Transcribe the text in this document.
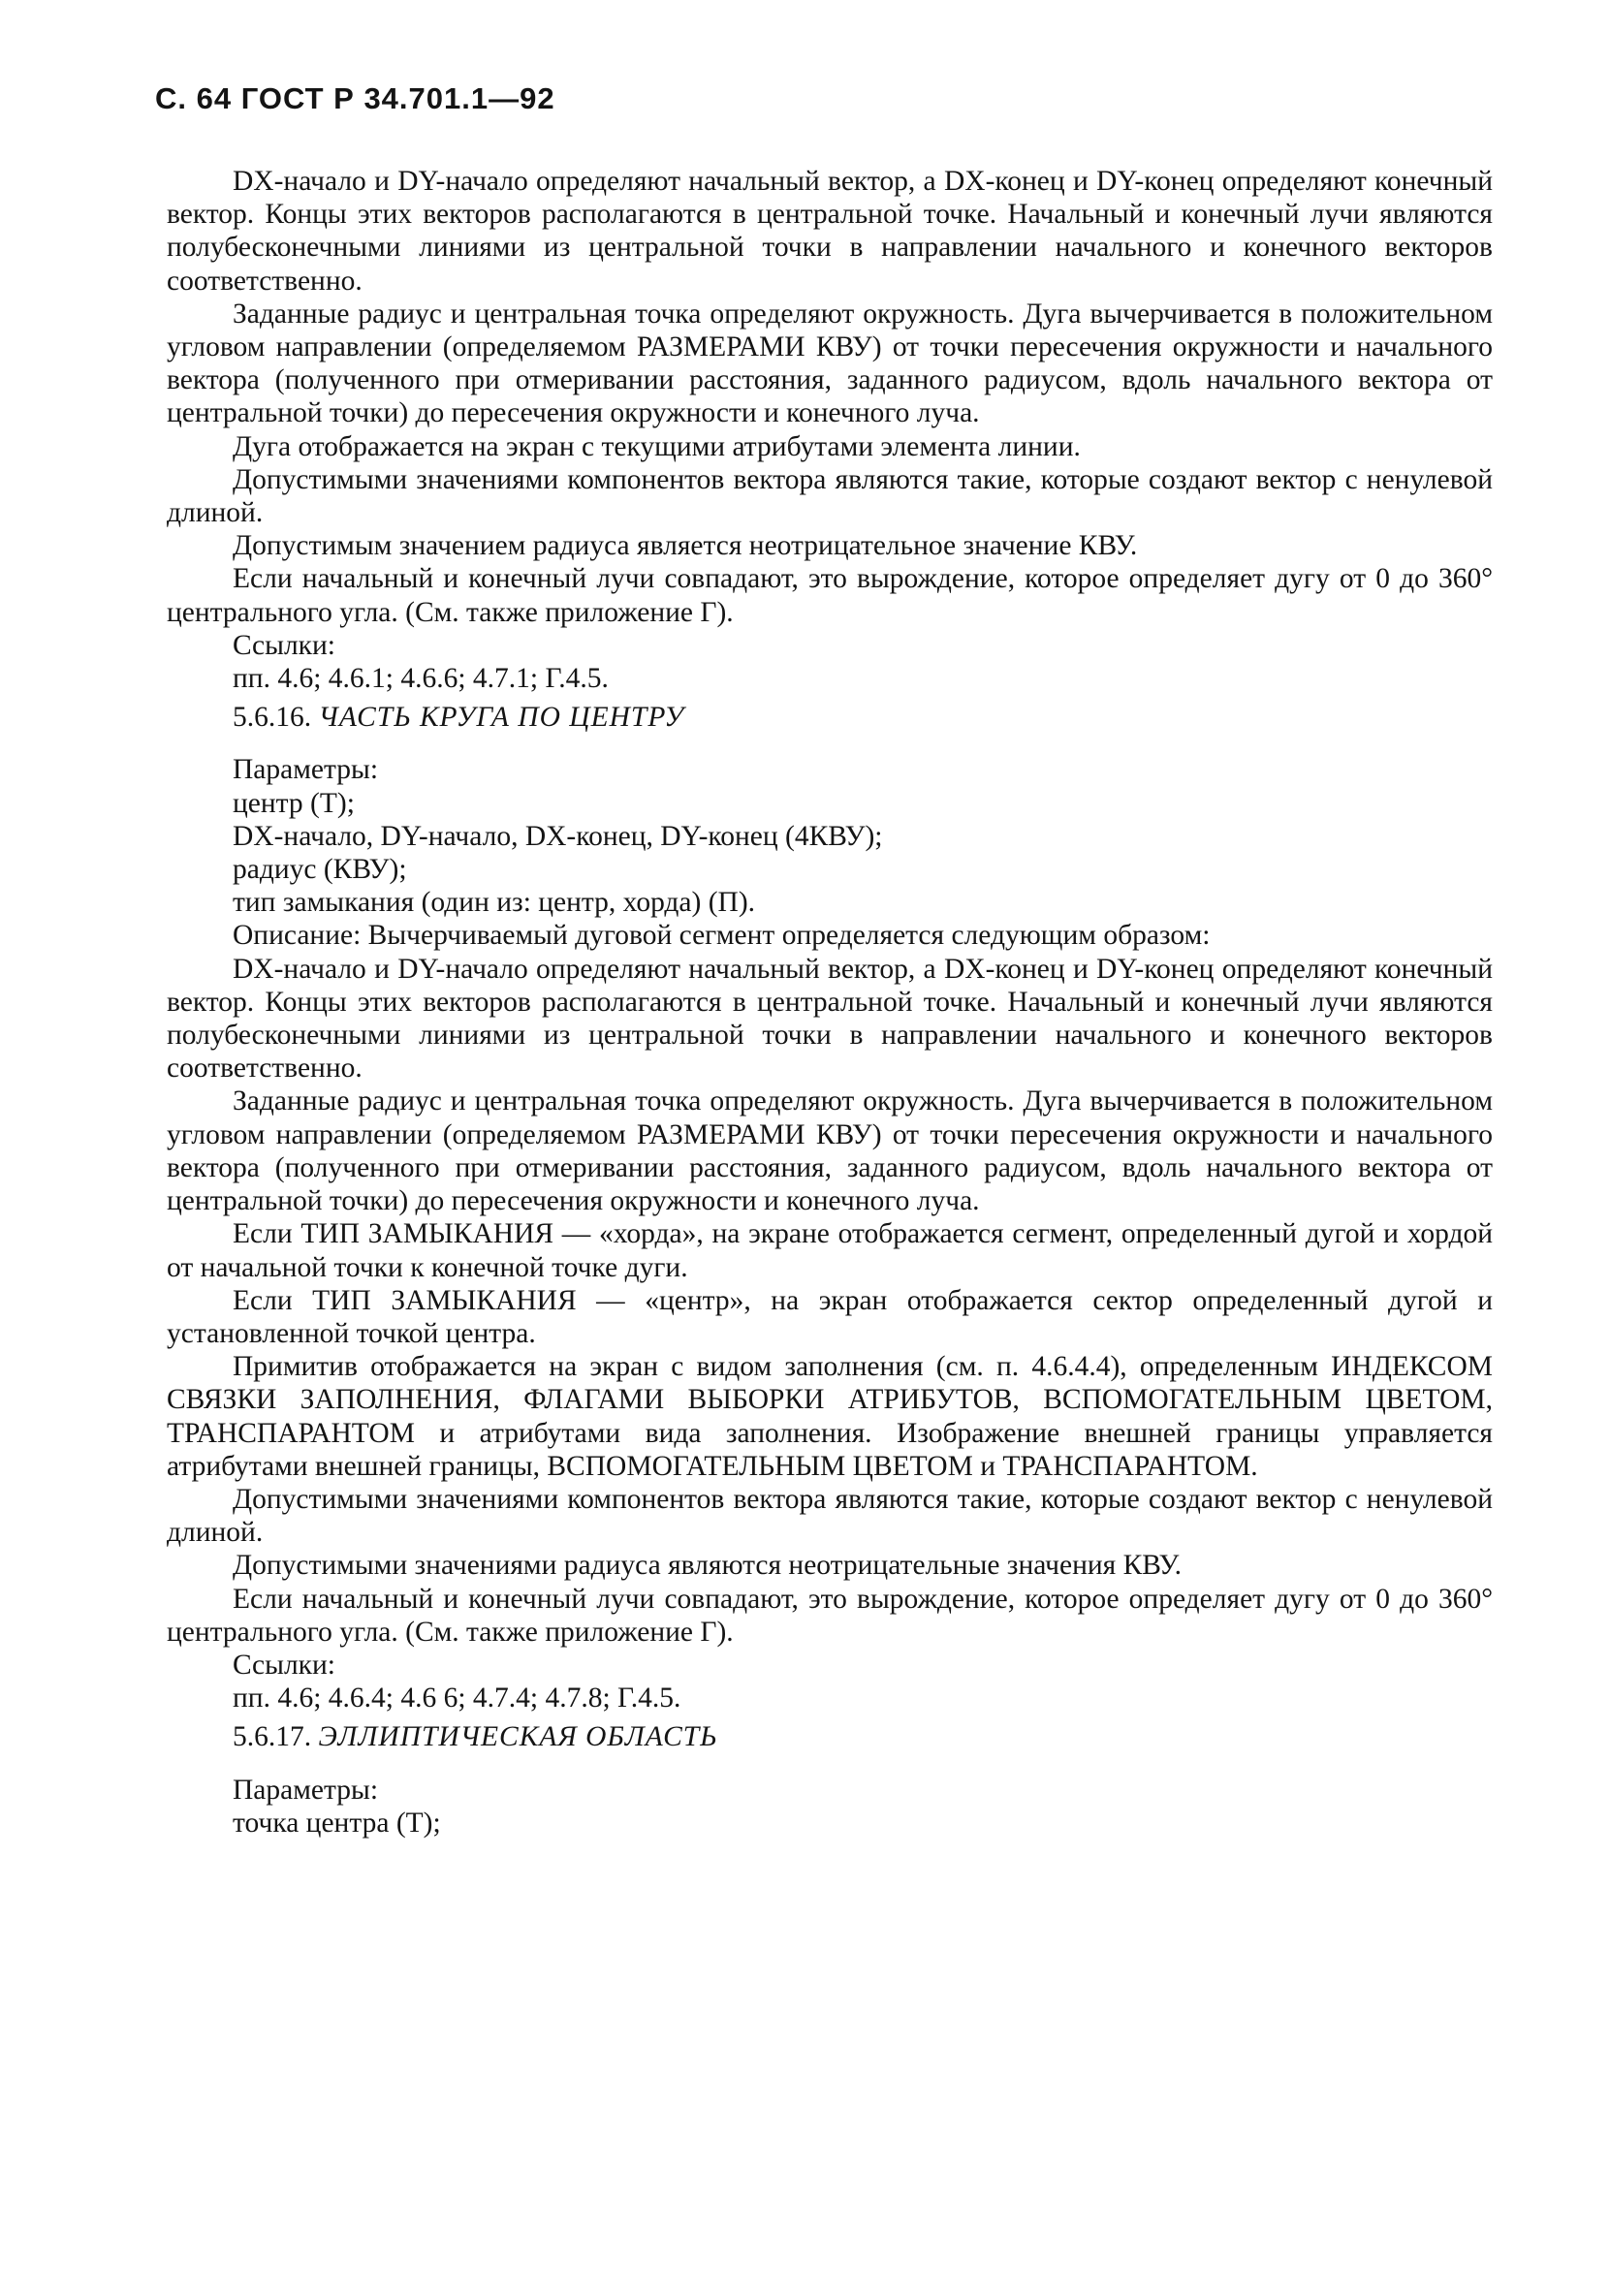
С. 64 ГОСТ Р 34.701.1—92

DX-начало и DY-начало определяют начальный вектор, а DX-конец и DY-конец определяют конечный вектор. Концы этих векторов располагаются в центральной точке. Начальный и конечный лучи являются полубесконечными линиями из центральной точки в направлении начального и конечного векторов соответственно.

Заданные радиус и центральная точка определяют окружность. Дуга вычерчивается в положительном угловом направлении (определяемом РАЗМЕРАМИ КВУ) от точки пересечения окружности и начального вектора (полученного при отмеривании расстояния, заданного радиусом, вдоль начального вектора от центральной точки) до пересечения окружности и конечного луча.

Дуга отображается на экран с текущими атрибутами элемента линии.

Допустимыми значениями компонентов вектора являются такие, которые создают вектор с ненулевой длиной.

Допустимым значением радиуса является неотрицательное значение КВУ.

Если начальный и конечный лучи совпадают, это вырождение, которое определяет дугу от 0 до 360° центрального угла. (См. также приложение Г).

Ссылки:

пп. 4.6; 4.6.1; 4.6.6; 4.7.1; Г.4.5.

5.6.16. ЧАСТЬ КРУГА ПО ЦЕНТРУ

Параметры:

центр (Т);

DX-начало, DY-начало, DX-конец, DY-конец (4КВУ);

радиус (КВУ);

тип замыкания (один из: центр, хорда) (П).

Описание: Вычерчиваемый дуговой сегмент определяется следующим образом:

DX-начало и DY-начало определяют начальный вектор, а DX-конец и DY-конец определяют конечный вектор. Концы этих векторов располагаются в центральной точке. Начальный и конечный лучи являются полубесконечными линиями из центральной точки в направлении начального и конечного векторов соответственно.

Заданные радиус и центральная точка определяют окружность. Дуга вычерчивается в положительном угловом направлении (определяемом РАЗМЕРАМИ КВУ) от точки пересечения окружности и начального вектора (полученного при отмеривании расстояния, заданного радиусом, вдоль начального вектора от центральной точки) до пересечения окружности и конечного луча.

Если ТИП ЗАМЫКАНИЯ — «хорда», на экране отображается сегмент, определенный дугой и хордой от начальной точки к конечной точке дуги.

Если ТИП ЗАМЫКАНИЯ — «центр», на экран отображается сектор определенный дугой и установленной точкой центра.

Примитив отображается на экран с видом заполнения (см. п. 4.6.4.4), определенным ИНДЕКСОМ СВЯЗКИ ЗАПОЛНЕНИЯ, ФЛАГАМИ ВЫБОРКИ АТРИБУТОВ, ВСПОМОГАТЕЛЬНЫМ ЦВЕТОМ, ТРАНСПАРАНТОМ и атрибутами вида заполнения. Изображение внешней границы управляется атрибутами внешней границы, ВСПОМОГАТЕЛЬНЫМ ЦВЕТОМ и ТРАНСПАРАНТОМ.

Допустимыми значениями компонентов вектора являются такие, которые создают вектор с ненулевой длиной.

Допустимыми значениями радиуса являются неотрицательные значения КВУ.

Если начальный и конечный лучи совпадают, это вырождение, которое определяет дугу от 0 до 360° центрального угла. (См. также приложение Г).

Ссылки:

пп. 4.6; 4.6.4; 4.6 6; 4.7.4; 4.7.8; Г.4.5.

5.6.17. ЭЛЛИПТИЧЕСКАЯ ОБЛАСТЬ

Параметры:

точка центра (Т);
